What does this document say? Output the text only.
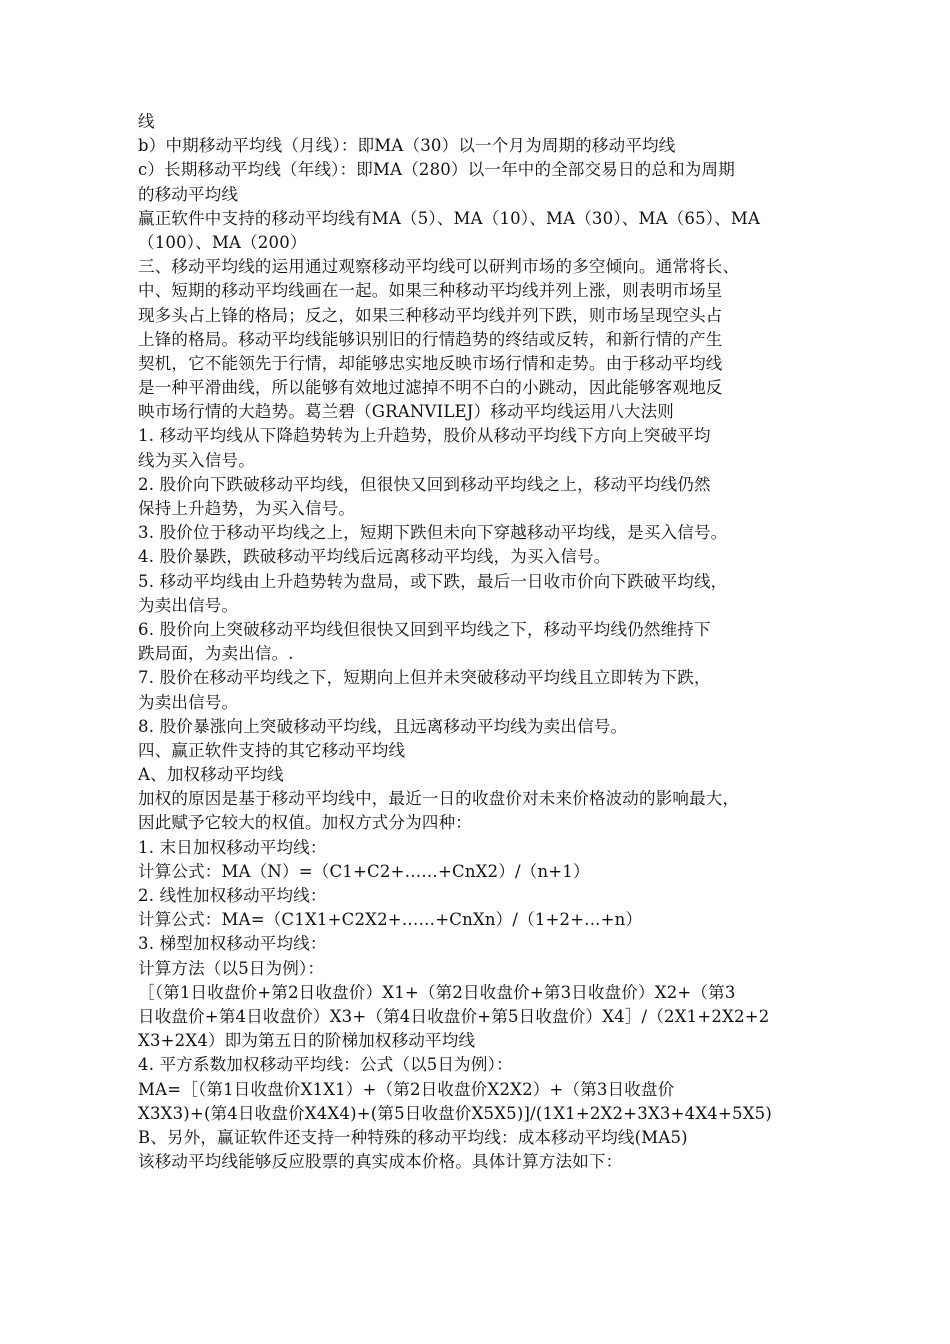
线
b）中期移动平均线（月线）：即MA（30）以一个月为周期的移动平均线
c）长期移动平均线（年线）：即MA（280）以一年中的全部交易日的总和为周期
的移动平均线
赢正软件中支持的移动平均线有MA（5）、MA（10）、MA（30）、MA（65）、MA
（100）、MA（200）
三、移动平均线的运用通过观察移动平均线可以研判市场的多空倾向。通常将长、
中、短期的移动平均线画在一起。如果三种移动平均线并列上涨，则表明市场呈
现多头占上锋的格局；反之，如果三种移动平均线并列下跌，则市场呈现空头占
上锋的格局。移动平均线能够识别旧的行情趋势的终结或反转，和新行情的产生
契机，它不能领先于行情，却能够忠实地反映市场行情和走势。由于移动平均线
是一种平滑曲线，所以能够有效地过滤掉不明不白的小跳动，因此能够客观地反
映市场行情的大趋势。葛兰碧（GRANVILEJ）移动平均线运用八大法则
1. 移动平均线从下降趋势转为上升趋势，股价从移动平均线下方向上突破平均
线为买入信号。
2. 股价向下跌破移动平均线，但很快又回到移动平均线之上，移动平均线仍然
保持上升趋势，为买入信号。
3. 股价位于移动平均线之上，短期下跌但未向下穿越移动平均线，是买入信号。
4. 股价暴跌，跌破移动平均线后远离移动平均线，为买入信号。
5. 移动平均线由上升趋势转为盘局，或下跌，最后一日收市价向下跌破平均线，
为卖出信号。
6. 股价向上突破移动平均线但很快又回到平均线之下，移动平均线仍然维持下
跌局面，为卖出信。.
7. 股价在移动平均线之下，短期向上但并未突破移动平均线且立即转为下跌，
为卖出信号。
8. 股价暴涨向上突破移动平均线，且远离移动平均线为卖出信号。
四、赢正软件支持的其它移动平均线
A、加权移动平均线
加权的原因是基于移动平均线中，最近一日的收盘价对未来价格波动的影响最大，
因此赋予它较大的权值。加权方式分为四种：
1. 末日加权移动平均线：
计算公式：MA（N）=（C1+C2+……+CnX2）/（n+1）
2. 线性加权移动平均线：
计算公式：MA=（C1X1+C2X2+……+CnXn）/（1+2+...+n）
3. 梯型加权移动平均线：
计算方法（以5日为例）：
［（第1日收盘价+第2日收盘价）X1+（第2日收盘价+第3日收盘价）X2+（第3
日收盘价+第4日收盘价）X3+（第4日收盘价+第5日收盘价）X4］/（2X1+2X2+2
X3+2X4）即为第五日的阶梯加权移动平均线
4. 平方系数加权移动平均线：公式（以5日为例）：
MA=［（第1日收盘价X1X1）+（第2日收盘价X2X2）+（第3日收盘价
X3X3)+(第4日收盘价X4X4)+(第5日收盘价X5X5)]/(1X1+2X2+3X3+4X4+5X5)
B、另外，赢证软件还支持一种特殊的移动平均线：成本移动平均线(MA5)
该移动平均线能够反应股票的真实成本价格。具体计算方法如下：
